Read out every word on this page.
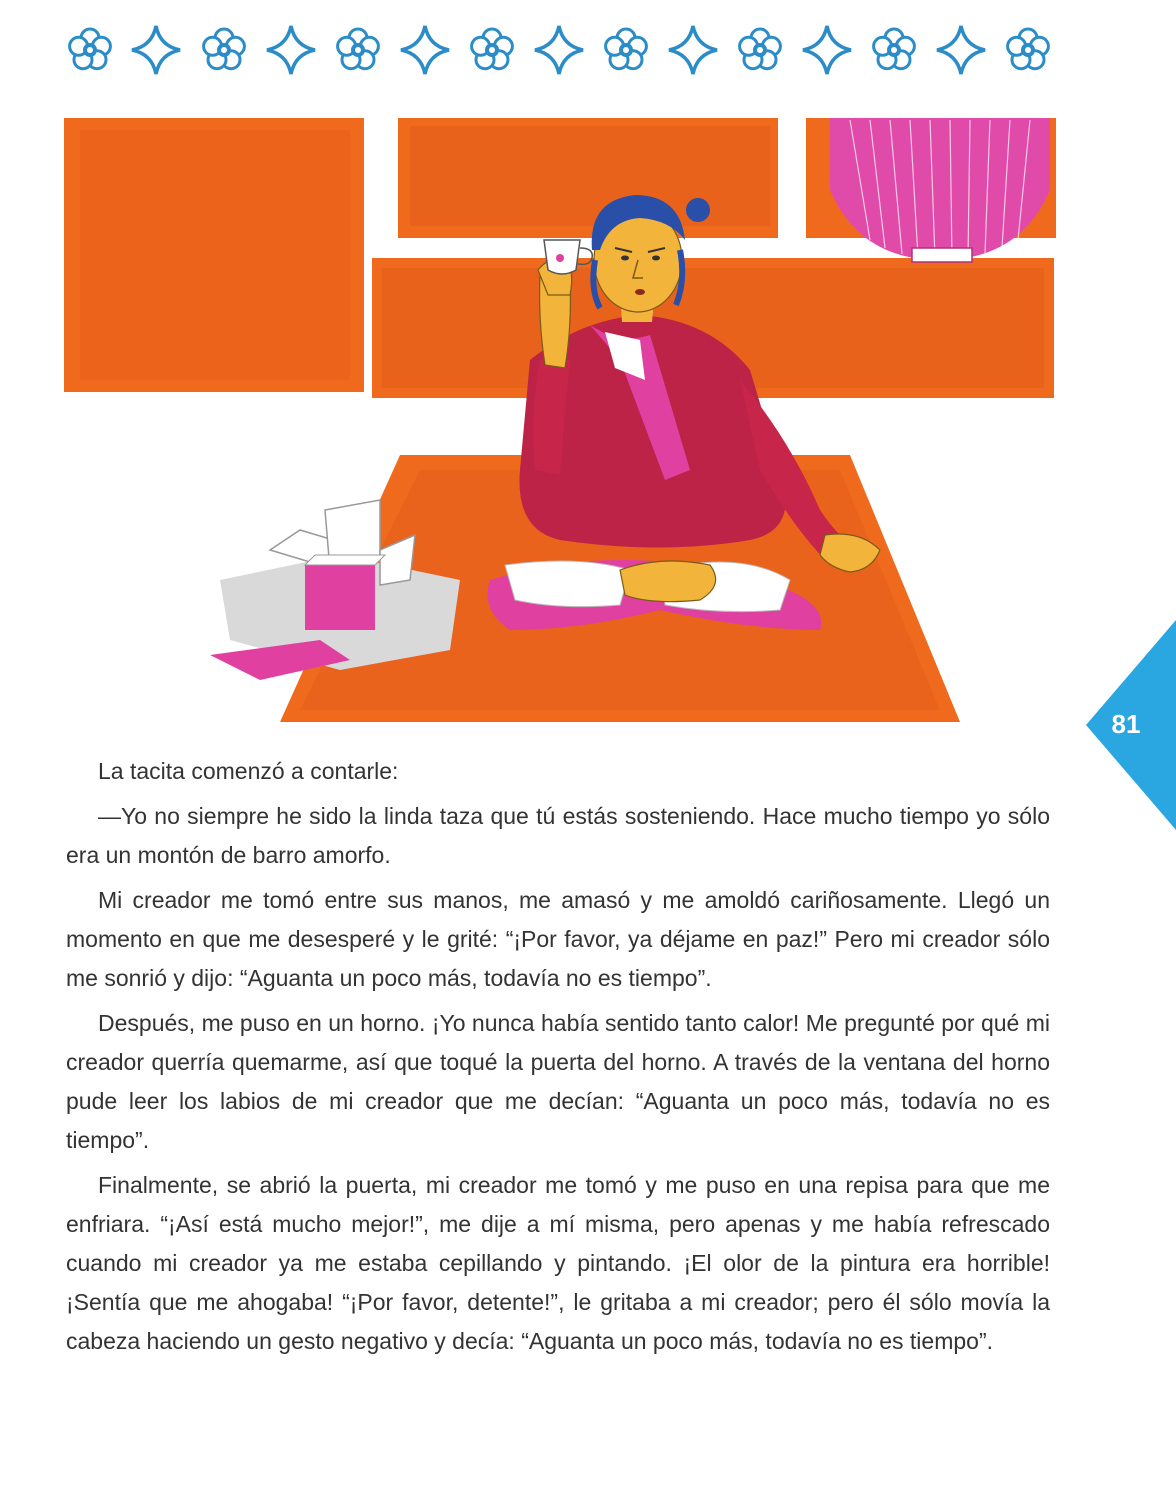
81

La tacita comenzó a contarle:

—Yo no siempre he sido la linda taza que tú estás sosteniendo. Hace mucho tiempo yo sólo era un montón de barro amorfo.

Mi creador me tomó entre sus manos, me amasó y me amoldó cariñosamente. Llegó un momento en que me desesperé y le grité: “¡Por favor, ya déjame en paz!” Pero mi creador sólo me sonrió y dijo: “Aguanta un poco más, todavía no es tiempo”.

Después, me puso en un horno. ¡Yo nunca había sentido tanto calor! Me pregunté por qué mi creador querría quemarme, así que toqué la puerta del horno. A través de la ventana del horno pude leer los labios de mi creador que me decían: “Aguanta un poco más, todavía no es tiempo”.

Finalmente, se abrió la puerta, mi creador me tomó y me puso en una repisa para que me enfriara. “¡Así está mucho mejor!”, me dije a mí misma, pero apenas y me había refrescado cuando mi creador ya me estaba cepillando y pintando. ¡El olor de la pintura era horrible! ¡Sentía que me ahogaba! “¡Por favor, detente!”, le gritaba a mi creador; pero él sólo movía la cabeza haciendo un gesto negativo y decía: “Aguanta un poco más, todavía no es tiempo”.
